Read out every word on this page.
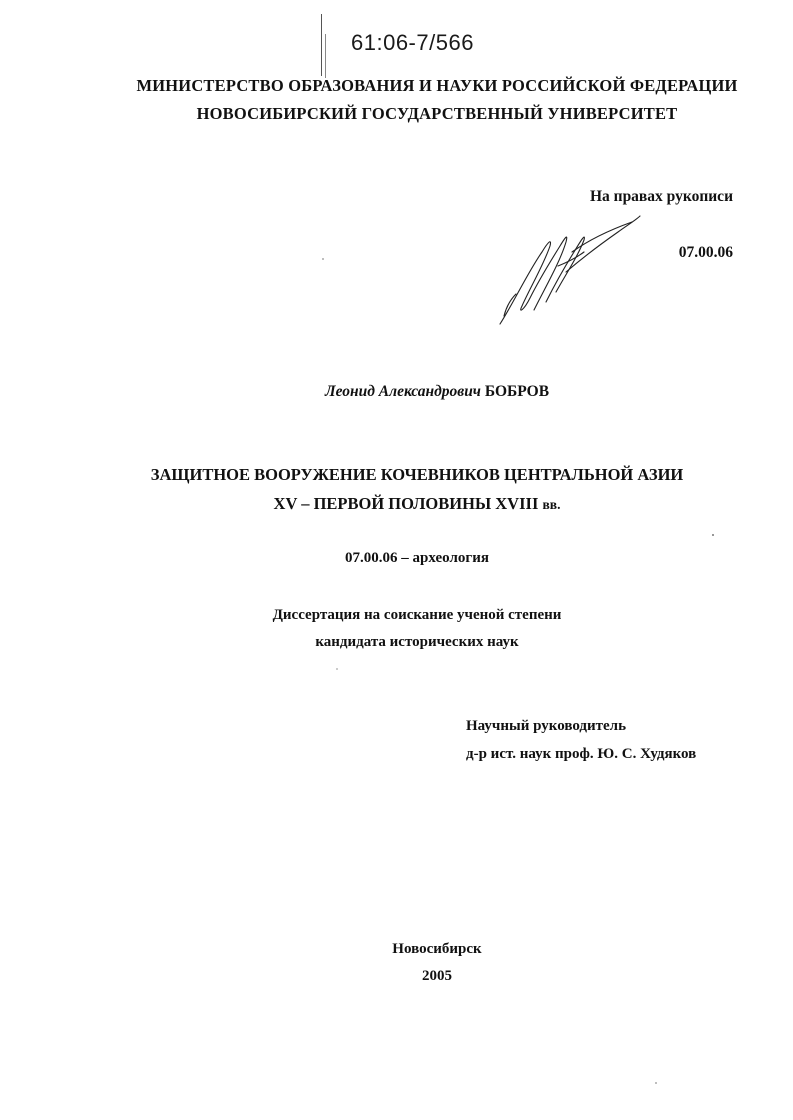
61:06-7/566
МИНИСТЕРСТВО ОБРАЗОВАНИЯ И НАУКИ РОССИЙСКОЙ ФЕДЕРАЦИИ
НОВОСИБИРСКИЙ ГОСУДАРСТВЕННЫЙ УНИВЕРСИТЕТ
На правах рукописи
07.00.06
Леонид Александрович БОБРОВ
ЗАЩИТНОЕ ВООРУЖЕНИЕ КОЧЕВНИКОВ ЦЕНТРАЛЬНОЙ АЗИИ
XV – ПЕРВОЙ ПОЛОВИНЫ XVIII вв.
07.00.06 – археология
Диссертация на соискание ученой степени
кандидата исторических наук
Научный руководитель
д-р ист. наук проф. Ю. С. Худяков
Новосибирск
2005
